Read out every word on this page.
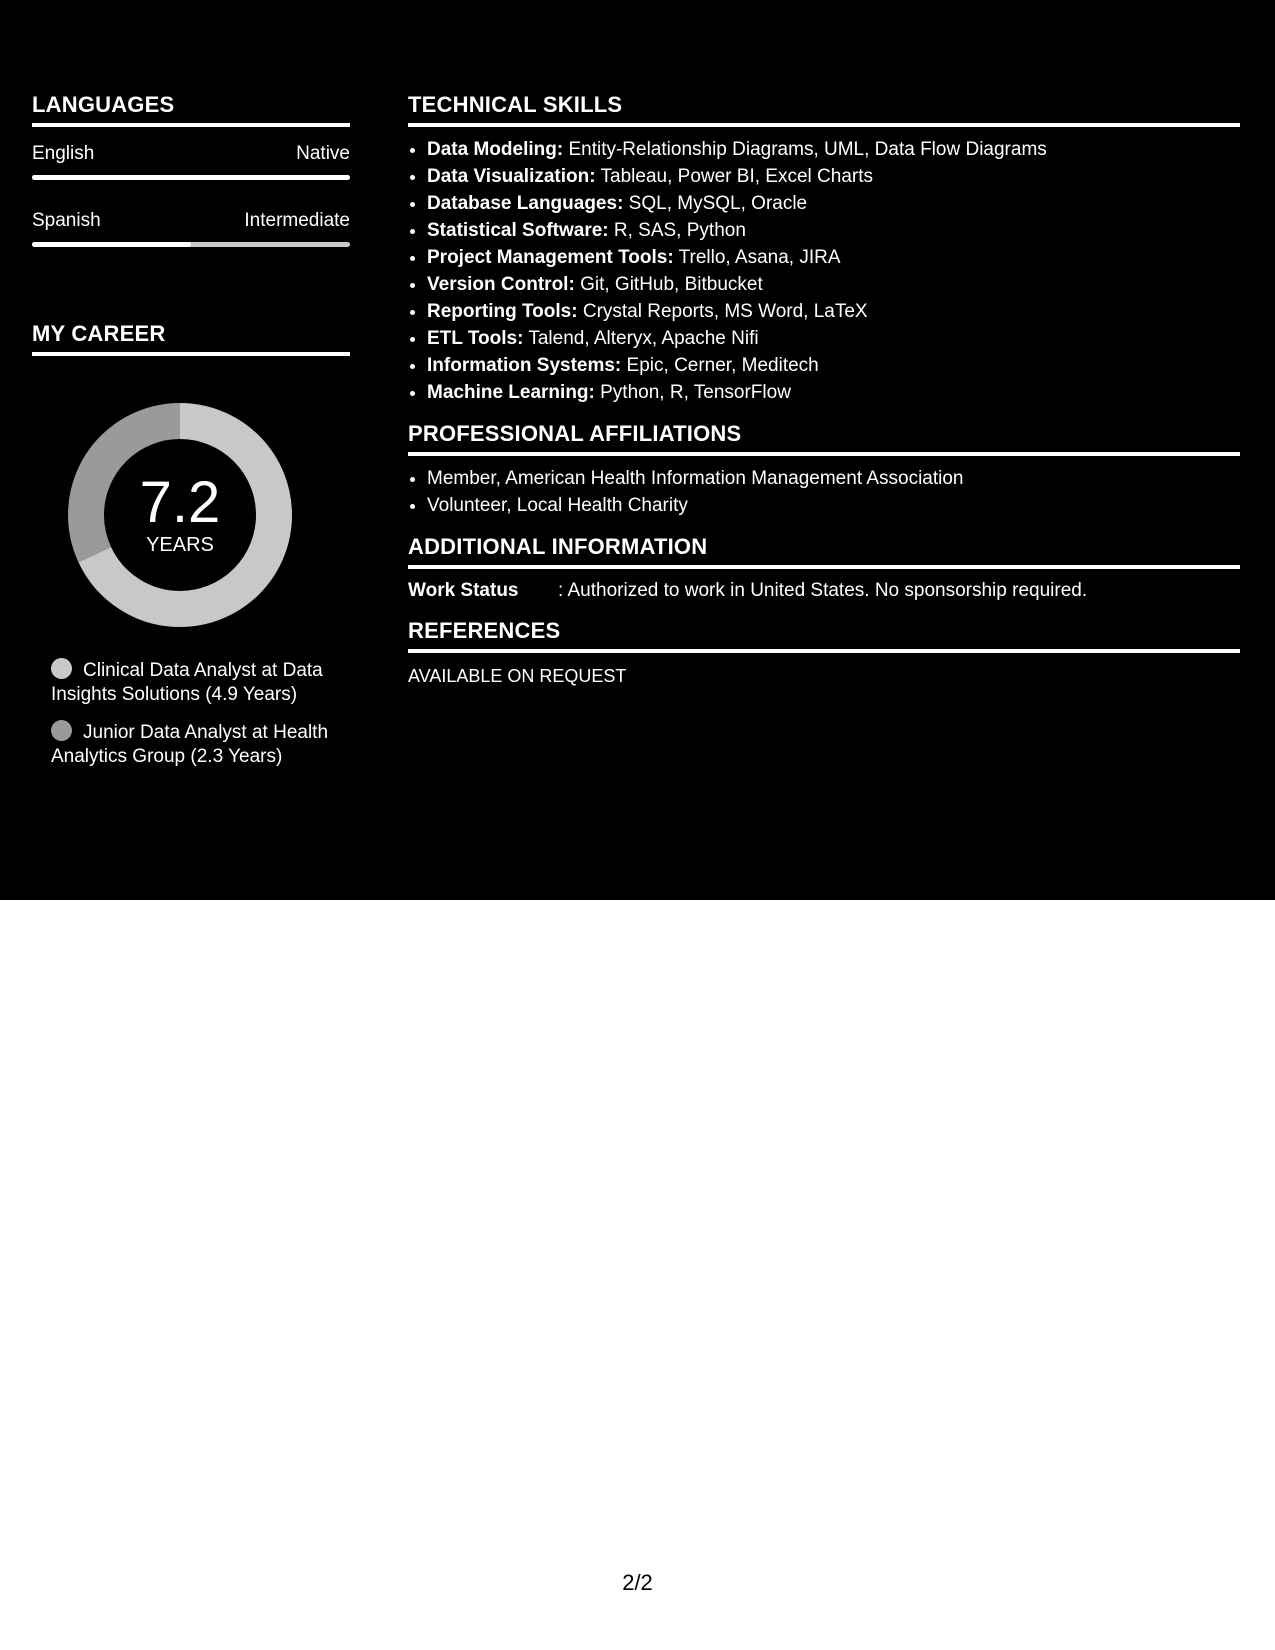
LANGUAGES
English	Native
Spanish	Intermediate
MY CAREER
7.2
YEARS
Clinical Data Analyst at Data Insights Solutions (4.9 Years)
Junior Data Analyst at Health Analytics Group (2.3 Years)
TECHNICAL SKILLS
• Data Modeling: Entity-Relationship Diagrams, UML, Data Flow Diagrams
• Data Visualization: Tableau, Power BI, Excel Charts
• Database Languages: SQL, MySQL, Oracle
• Statistical Software: R, SAS, Python
• Project Management Tools: Trello, Asana, JIRA
• Version Control: Git, GitHub, Bitbucket
• Reporting Tools: Crystal Reports, MS Word, LaTeX
• ETL Tools: Talend, Alteryx, Apache Nifi
• Information Systems: Epic, Cerner, Meditech
• Machine Learning: Python, R, TensorFlow
PROFESSIONAL AFFILIATIONS
• Member, American Health Information Management Association
• Volunteer, Local Health Charity
ADDITIONAL INFORMATION
Work Status	: Authorized to work in United States. No sponsorship required.
REFERENCES
AVAILABLE ON REQUEST
2/2
